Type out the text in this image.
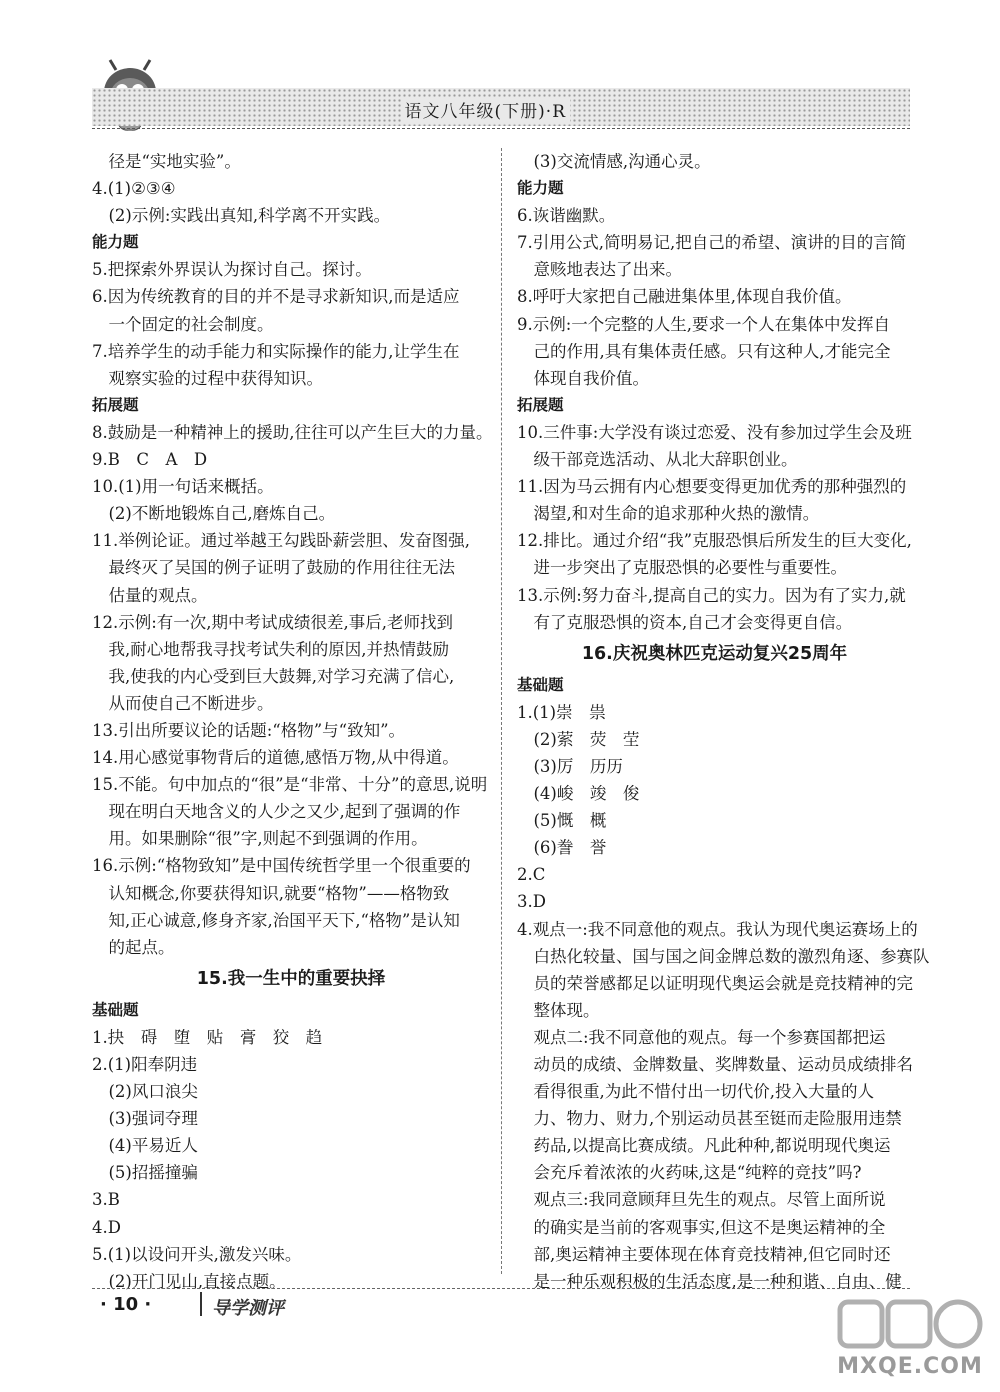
语文八年级(下册)·R
　径是“实地实验”。
4.(1)②③④
　(2)示例:实践出真知,科学离不开实践。
能力题
5.把探索外界误认为探讨自己。探讨。
6.因为传统教育的目的并不是寻求新知识,而是适应
　一个固定的社会制度。
7.培养学生的动手能力和实际操作的能力,让学生在
　观察实验的过程中获得知识。
拓展题
8.鼓励是一种精神上的援助,往往可以产生巨大的力量。
9.B　C　A　D
10.(1)用一句话来概括。
　(2)不断地锻炼自己,磨炼自己。
11.举例论证。通过举越王勾践卧薪尝胆、发奋图强,
　最终灭了吴国的例子证明了鼓励的作用往往无法
　估量的观点。
12.示例:有一次,期中考试成绩很差,事后,老师找到
　我,耐心地帮我寻找考试失利的原因,并热情鼓励
　我,使我的内心受到巨大鼓舞,对学习充满了信心,
　从而使自己不断进步。
13.引出所要议论的话题:“格物”与“致知”。
14.用心感觉事物背后的道德,感悟万物,从中得道。
15.不能。句中加点的“很”是“非常、十分”的意思,说明
　现在明白天地含义的人少之又少,起到了强调的作
　用。如果删除“很”字,则起不到强调的作用。
16.示例:“格物致知”是中国传统哲学里一个很重要的
　认知概念,你要获得知识,就要“格物”——格物致
　知,正心诚意,修身齐家,治国平天下,“格物”是认知
　的起点。
15.我一生中的重要抉择
基础题
1.抉　碍　堕　贴　膏　狡　趋
2.(1)阳奉阴违
　(2)风口浪尖
　(3)强词夺理
　(4)平易近人
　(5)招摇撞骗
3.B
4.D
5.(1)以设问开头,激发兴味。
　(2)开门见山,直接点题。
　(3)交流情感,沟通心灵。
能力题
6.诙谐幽默。
7.引用公式,简明易记,把自己的希望、演讲的目的言简
　意赅地表达了出来。
8.呼吁大家把自己融进集体里,体现自我价值。
9.示例:一个完整的人生,要求一个人在集体中发挥自
　己的作用,具有集体责任感。只有这种人,才能完全
　体现自我价值。
拓展题
10.三件事:大学没有谈过恋爱、没有参加过学生会及班
　级干部竞选活动、从北大辞职创业。
11.因为马云拥有内心想要变得更加优秀的那种强烈的
　渴望,和对生命的追求那种火热的激情。
12.排比。通过介绍“我”克服恐惧后所发生的巨大变化,
　进一步突出了克服恐惧的必要性与重要性。
13.示例:努力奋斗,提高自己的实力。因为有了实力,就
　有了克服恐惧的资本,自己才会变得更自信。
16.庆祝奥林匹克运动复兴25周年
基础题
1.(1)崇　祟
　(2)萦　荧　茔
　(3)厉　历历
　(4)峻　竣　俊
　(5)慨　概
　(6)誊　誉
2.C
3.D
4.观点一:我不同意他的观点。我认为现代奥运赛场上的
　白热化较量、国与国之间金牌总数的激烈角逐、参赛队
　员的荣誉感都足以证明现代奥运会就是竞技精神的完
　整体现。
　观点二:我不同意他的观点。每一个参赛国都把运
　动员的成绩、金牌数量、奖牌数量、运动员成绩排名
　看得很重,为此不惜付出一切代价,投入大量的人
　力、物力、财力,个别运动员甚至铤而走险服用违禁
　药品,以提高比赛成绩。凡此种种,都说明现代奥运
　会充斥着浓浓的火药味,这是“纯粹的竞技”吗?
　观点三:我同意顾拜旦先生的观点。尽管上面所说
　的确实是当前的客观事实,但这不是奥运精神的全
　部,奥运精神主要体现在体育竞技精神,但它同时还
　是一种乐观积极的生活态度,是一种和谐、自由、健
· 10 ·	导学测评
MXQE.COM
